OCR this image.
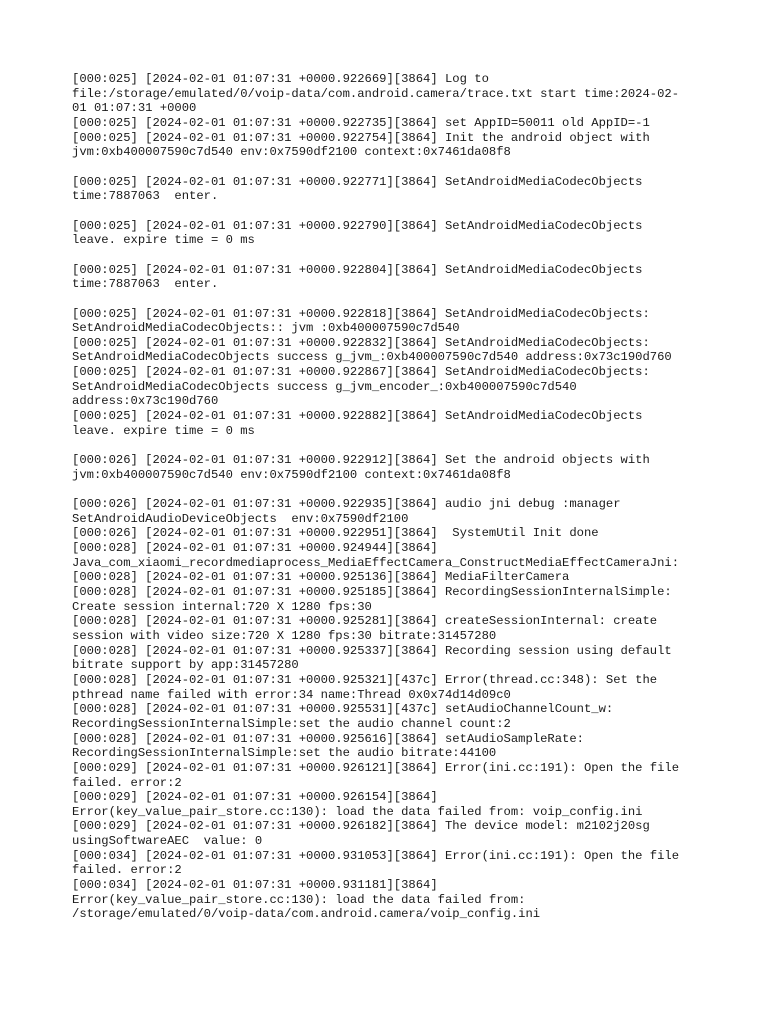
[000:025] [2024-02-01 01:07:31 +0000.922669][3864] Log to
file:/storage/emulated/0/voip-data/com.android.camera/trace.txt start time:2024-02-
01 01:07:31 +0000
[000:025] [2024-02-01 01:07:31 +0000.922735][3864] set AppID=50011 old AppID=-1
[000:025] [2024-02-01 01:07:31 +0000.922754][3864] Init the android object with
jvm:0xb400007590c7d540 env:0x7590df2100 context:0x7461da08f8
[000:025] [2024-02-01 01:07:31 +0000.922771][3864] SetAndroidMediaCodecObjects
time:7887063  enter.
[000:025] [2024-02-01 01:07:31 +0000.922790][3864] SetAndroidMediaCodecObjects
leave. expire time = 0 ms
[000:025] [2024-02-01 01:07:31 +0000.922804][3864] SetAndroidMediaCodecObjects
time:7887063  enter.
[000:025] [2024-02-01 01:07:31 +0000.922818][3864] SetAndroidMediaCodecObjects:
SetAndroidMediaCodecObjects:: jvm :0xb400007590c7d540
[000:025] [2024-02-01 01:07:31 +0000.922832][3864] SetAndroidMediaCodecObjects:
SetAndroidMediaCodecObjects success g_jvm_:0xb400007590c7d540 address:0x73c190d760
[000:025] [2024-02-01 01:07:31 +0000.922867][3864] SetAndroidMediaCodecObjects:
SetAndroidMediaCodecObjects success g_jvm_encoder_:0xb400007590c7d540
address:0x73c190d760
[000:025] [2024-02-01 01:07:31 +0000.922882][3864] SetAndroidMediaCodecObjects
leave. expire time = 0 ms
[000:026] [2024-02-01 01:07:31 +0000.922912][3864] Set the android objects with
jvm:0xb400007590c7d540 env:0x7590df2100 context:0x7461da08f8
[000:026] [2024-02-01 01:07:31 +0000.922935][3864] audio jni debug :manager
SetAndroidAudioDeviceObjects  env:0x7590df2100
[000:026] [2024-02-01 01:07:31 +0000.922951][3864]  SystemUtil Init done
[000:028] [2024-02-01 01:07:31 +0000.924944][3864]
Java_com_xiaomi_recordmediaprocess_MediaEffectCamera_ConstructMediaEffectCameraJni:
[000:028] [2024-02-01 01:07:31 +0000.925136][3864] MediaFilterCamera
[000:028] [2024-02-01 01:07:31 +0000.925185][3864] RecordingSessionInternalSimple:
Create session internal:720 X 1280 fps:30
[000:028] [2024-02-01 01:07:31 +0000.925281][3864] createSessionInternal: create
session with video size:720 X 1280 fps:30 bitrate:31457280
[000:028] [2024-02-01 01:07:31 +0000.925337][3864] Recording session using default
bitrate support by app:31457280
[000:028] [2024-02-01 01:07:31 +0000.925321][437c] Error(thread.cc:348): Set the
pthread name failed with error:34 name:Thread 0x0x74d14d09c0
[000:028] [2024-02-01 01:07:31 +0000.925531][437c] setAudioChannelCount_w:
RecordingSessionInternalSimple:set the audio channel count:2
[000:028] [2024-02-01 01:07:31 +0000.925616][3864] setAudioSampleRate:
RecordingSessionInternalSimple:set the audio bitrate:44100
[000:029] [2024-02-01 01:07:31 +0000.926121][3864] Error(ini.cc:191): Open the file
failed. error:2
[000:029] [2024-02-01 01:07:31 +0000.926154][3864]
Error(key_value_pair_store.cc:130): load the data failed from: voip_config.ini
[000:029] [2024-02-01 01:07:31 +0000.926182][3864] The device model: m2102j20sg
usingSoftwareAEC  value: 0
[000:034] [2024-02-01 01:07:31 +0000.931053][3864] Error(ini.cc:191): Open the file
failed. error:2
[000:034] [2024-02-01 01:07:31 +0000.931181][3864]
Error(key_value_pair_store.cc:130): load the data failed from:
/storage/emulated/0/voip-data/com.android.camera/voip_config.ini
